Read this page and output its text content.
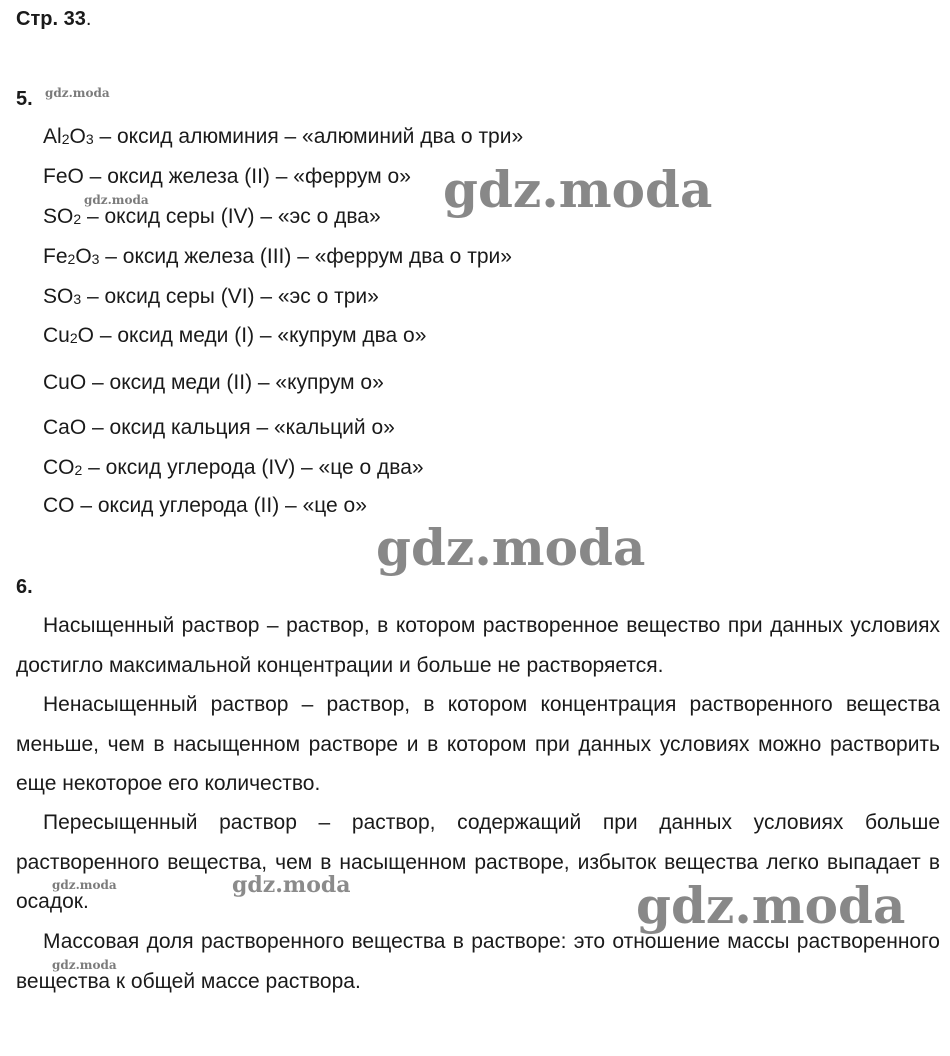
Стр. 33.
5.
$Al_2O_3$ – оксид алюминия – «алюминий два о три»
FeO – оксид железа (II) – «феррум о»
$SO_2$ – оксид серы (IV) – «эс о два»
$Fe_2O_3$ – оксид железа (III) – «феррум два о три»
$SO_3$ – оксид серы (VI) – «эс о три»
$Cu_2O$ – оксид меди (I) – «купрум два о»
CuO – оксид меди (II) – «купрум о»
CaO – оксид кальция – «кальций о»
$CO_2$ – оксид углерода (IV) – «це о два»
CO – оксид углерода (II) – «це о»
6.

Насыщенный раствор – раствор, в котором растворенное вещество при данных условиях достигло максимальной концентрации и больше не растворяется.

Ненасыщенный раствор – раствор, в котором концентрация растворенного вещества меньше, чем в насыщенном растворе и в котором при данных условиях можно растворить еще некоторое его количество.

Пересыщенный раствор – раствор, содержащий при данных условиях больше растворенного вещества, чем в насыщенном растворе, избыток вещества легко выпадает в осадок.

Массовая доля растворенного вещества в растворе: это отношение массы растворенного вещества к общей массе раствора.

gdz.moda
gdz.moda
gdz.moda
gdz.moda
gdz.moda	gdz.moda	gdz.moda
gdz.moda
